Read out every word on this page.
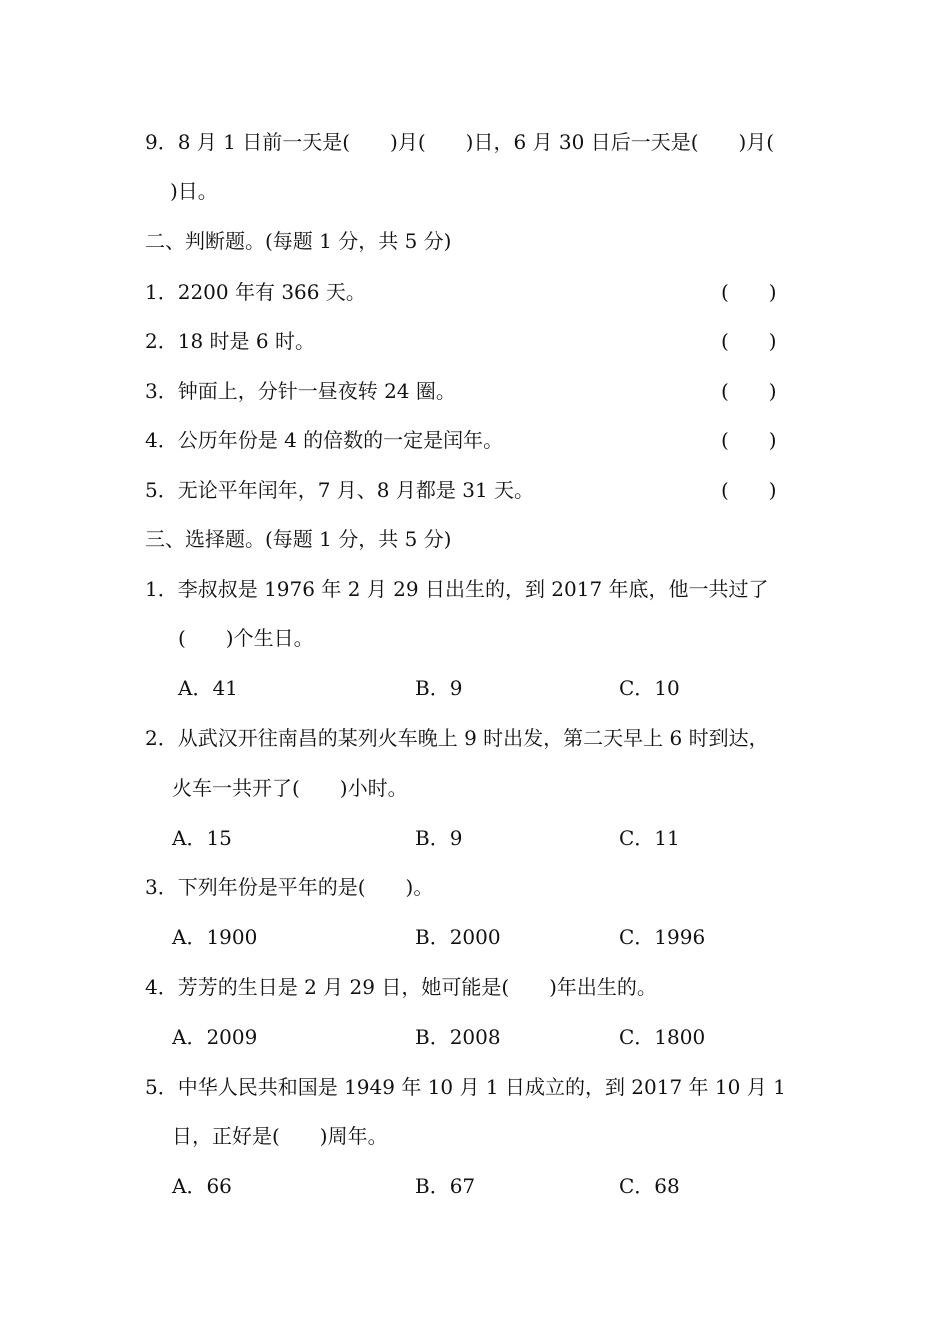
9．8 月 1 日前一天是(　　)月(　　)日，6 月 30 日后一天是(　　)月(
)日。
二、判断题。(每题 1 分，共 5 分)
1．2200 年有 366 天。	(　　)
2．18 时是 6 时。	(　　)
3．钟面上，分针一昼夜转 24 圈。	(　　)
4．公历年份是 4 的倍数的一定是闰年。	(　　)
5．无论平年闰年，7 月、8 月都是 31 天。	(　　)
三、选择题。(每题 1 分，共 5 分)
1．李叔叔是 1976 年 2 月 29 日出生的，到 2017 年底，他一共过了
(　　)个生日。
A．41	B．9	C．10
2．从武汉开往南昌的某列火车晚上 9 时出发，第二天早上 6 时到达，
火车一共开了(　　)小时。
A．15	B．9	C．11
3．下列年份是平年的是(　　)。
A．1900	B．2000	C．1996
4．芳芳的生日是 2 月 29 日，她可能是(　　)年出生的。
A．2009	B．2008	C．1800
5．中华人民共和国是 1949 年 10 月 1 日成立的，到 2017 年 10 月 1
日，正好是(　　)周年。
A．66	B．67	C．68
